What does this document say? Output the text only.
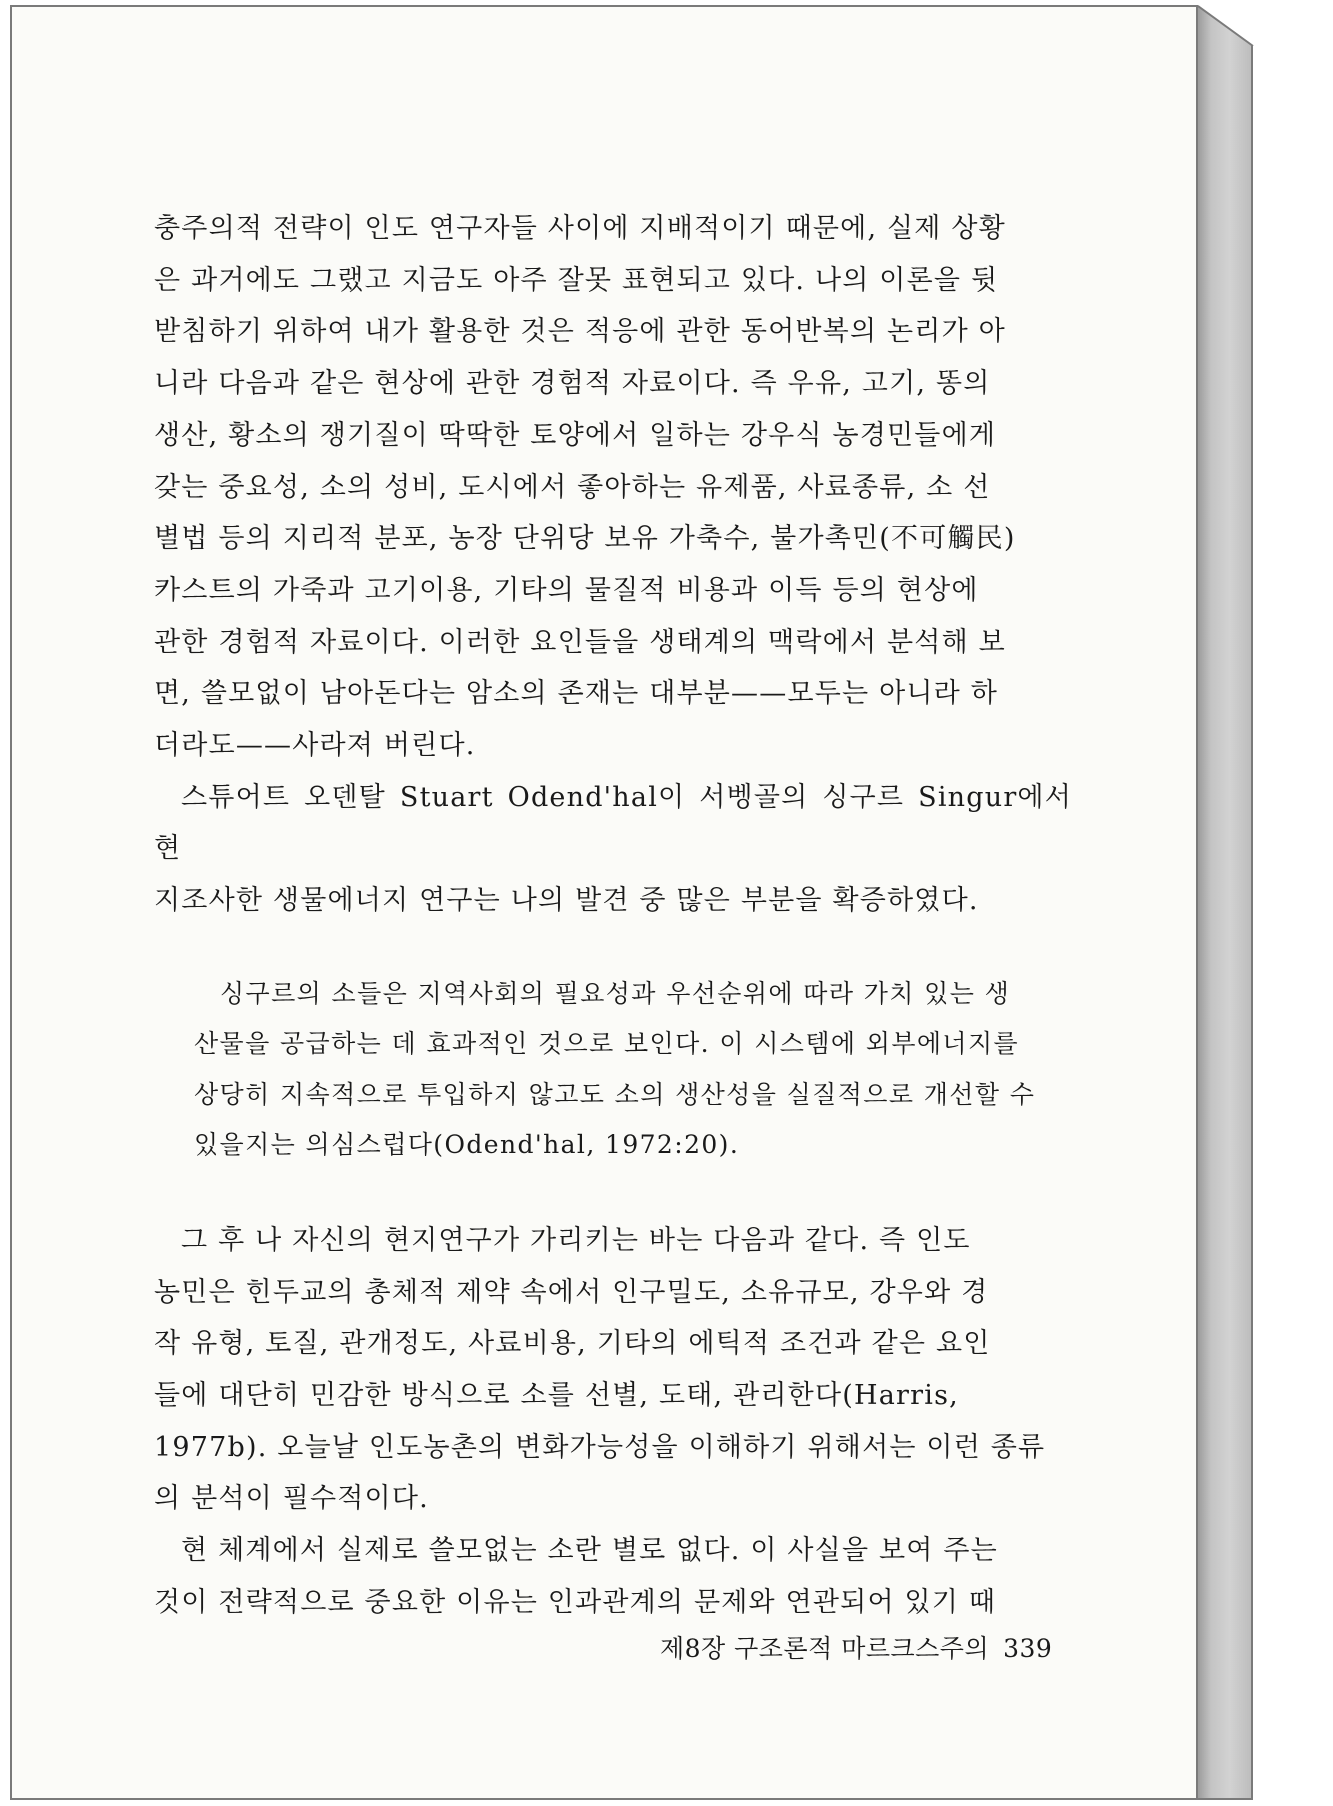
충주의적 전략이 인도 연구자들 사이에 지배적이기 때문에, 실제 상황
은 과거에도 그랬고 지금도 아주 잘못 표현되고 있다. 나의 이론을 뒷
받침하기 위하여 내가 활용한 것은 적응에 관한 동어반복의 논리가 아
니라 다음과 같은 현상에 관한 경험적 자료이다. 즉 우유, 고기, 똥의
생산, 황소의 쟁기질이 딱딱한 토양에서 일하는 강우식 농경민들에게
갖는 중요성, 소의 성비, 도시에서 좋아하는 유제품, 사료종류, 소 선
별법 등의 지리적 분포, 농장 단위당 보유 가축수, 불가촉민(不可觸民)
카스트의 가죽과 고기이용, 기타의 물질적 비용과 이득 등의 현상에
관한 경험적 자료이다. 이러한 요인들을 생태계의 맥락에서 분석해 보
면, 쓸모없이 남아돈다는 암소의 존재는 대부분——모두는 아니라 하
더라도——사라져 버린다.

스튜어트 오덴탈 Stuart Odend'hal이 서벵골의 싱구르 Singur에서 현
지조사한 생물에너지 연구는 나의 발견 중 많은 부분을 확증하였다.

싱구르의 소들은 지역사회의 필요성과 우선순위에 따라 가치 있는 생
산물을 공급하는 데 효과적인 것으로 보인다. 이 시스템에 외부에너지를
상당히 지속적으로 투입하지 않고도 소의 생산성을 실질적으로 개선할 수
있을지는 의심스럽다(Odend'hal, 1972:20).

그 후 나 자신의 현지연구가 가리키는 바는 다음과 같다. 즉 인도
농민은 힌두교의 총체적 제약 속에서 인구밀도, 소유규모, 강우와 경
작 유형, 토질, 관개정도, 사료비용, 기타의 에틱적 조건과 같은 요인
들에 대단히 민감한 방식으로 소를 선별, 도태, 관리한다(Harris,
1977b). 오늘날 인도농촌의 변화가능성을 이해하기 위해서는 이런 종류
의 분석이 필수적이다.

현 체계에서 실제로 쓸모없는 소란 별로 없다. 이 사실을 보여 주는
것이 전략적으로 중요한 이유는 인과관계의 문제와 연관되어 있기 때

제8장 구조론적 마르크스주의 339
